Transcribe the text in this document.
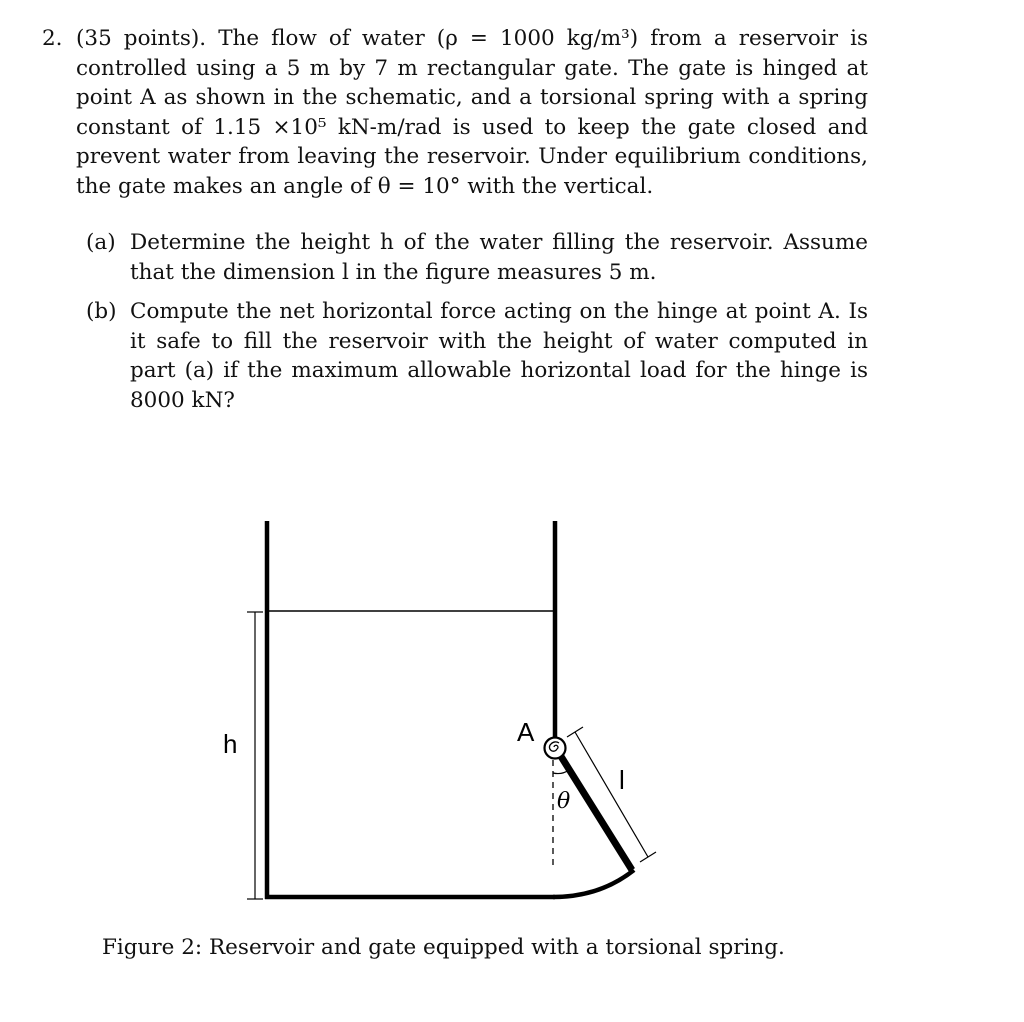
2. (35 points). The flow of water (ρ = 1000 kg/m³) from a reservoir is controlled using a 5 m by 7 m rectangular gate. The gate is hinged at point A as shown in the schematic, and a torsional spring with a spring constant of 1.15 ×10⁵ kN-m/rad is used to keep the gate closed and prevent water from leaving the reservoir. Under equilibrium conditions, the gate makes an angle of θ = 10° with the vertical.
(a) Determine the height h of the water filling the reservoir. Assume that the dimension l in the figure measures 5 m.
(b) Compute the net horizontal force acting on the hinge at point A. Is it safe to fill the reservoir with the height of water computed in part (a) if the maximum allowable horizontal load for the hinge is 8000 kN?
h
l
θ
A
Figure 2: Reservoir and gate equipped with a torsional spring.
